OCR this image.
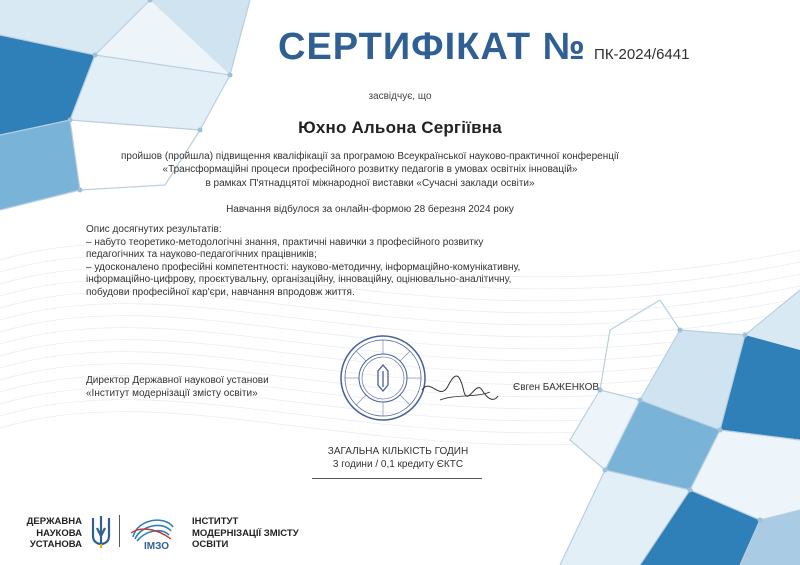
СЕРТИФІКАТ № ПК-2024/6441
засвідчує, що
Юхно Альона Сергіївна
пройшов (пройшла) підвищення кваліфікації за програмою Всеукраїнської науково-практичної конференції
«Трансформаційні процеси професійного розвитку педагогів в умовах освітніх інновацій»
в рамках П'ятнадцятої міжнародної виставки «Сучасні заклади освіти»
Навчання відбулося за онлайн-формою 28 березня 2024 року
Опис досягнутих результатів:
– набуто теоретико-методологічні знання, практичні навички з професійного розвитку
педагогічних та науково-педагогічних працівників;
– удосконалено професійні компетентності: науково-методичну, інформаційно-комунікативну,
інформаційно-цифрову, проєктувальну, організаційну, інноваційну, оцінювально-аналітичну,
побудови професійної кар'єри, навчання впродовж життя.
Директор Державної наукової установи
«Інститут модернізації змісту освіти»	Євген БАЖЕНКОВ
ЗАГАЛЬНА КІЛЬКІСТЬ ГОДИН
3 години / 0,1 кредиту ЄКТС
ДЕРЖАВНА
НАУКОВА
УСТАНОВА	ІМЗО
ІНСТИТУТ
МОДЕРНІЗАЦІЇ ЗМІСТУ
ОСВІТИ
